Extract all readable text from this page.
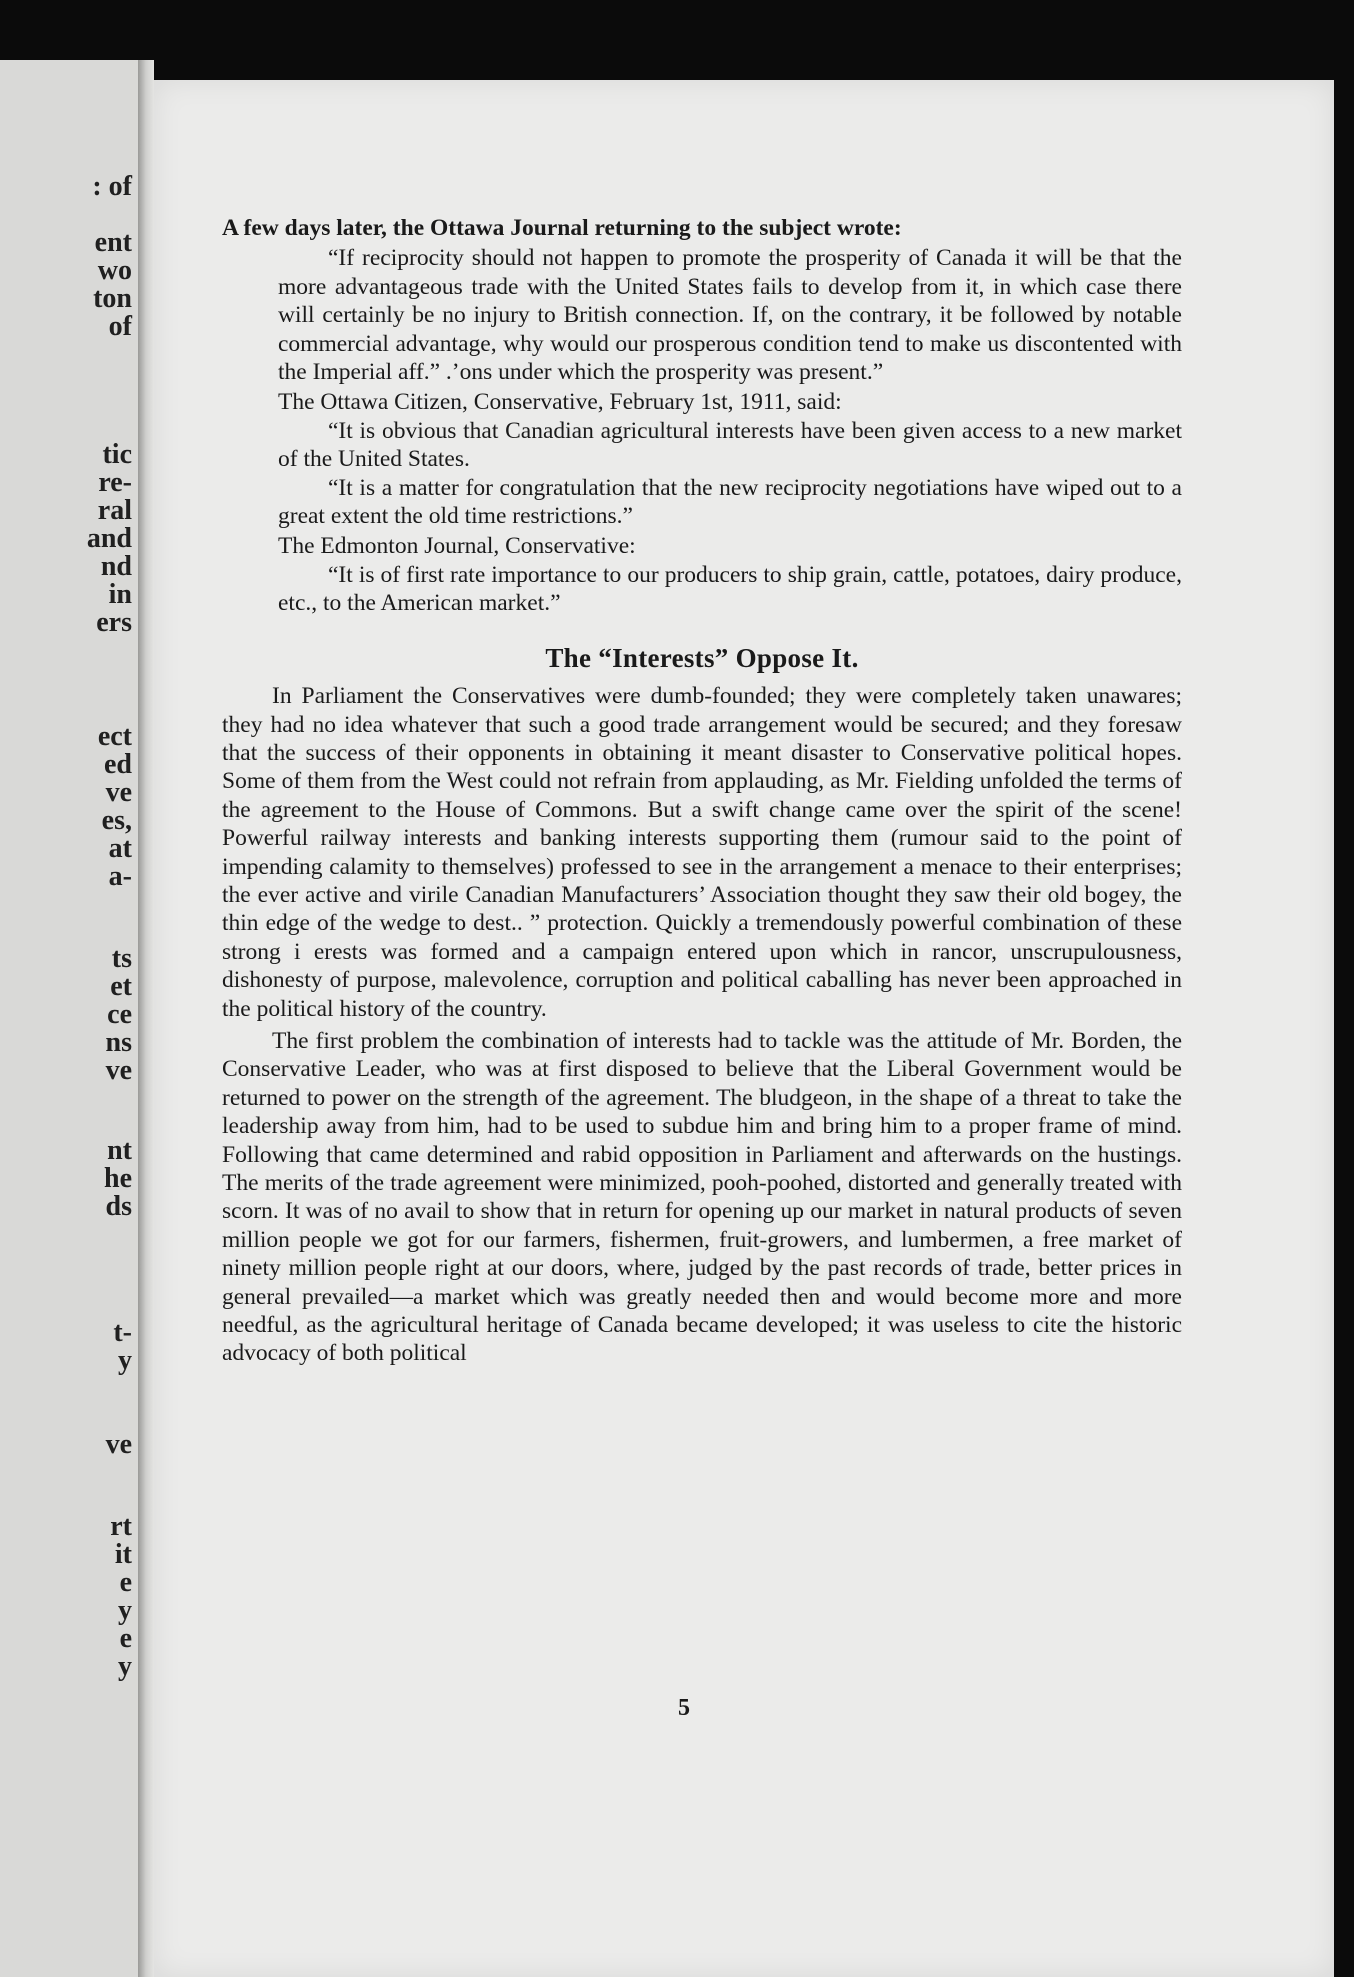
: of
ent
wo
ton
of
tic
re-
ral
and
nd
in
ers
ect
ed
ve
es,
at
a-
ts
et
ce
ns
ve
nt
he
ds
t-
y
ve
rt
it
e
y
e
y

A few days later, the Ottawa Journal returning to the subject wrote:

“If reciprocity should not happen to promote the prosperity of Canada it will be that the more advantageous trade with the United States fails to develop from it, in which case there will certainly be no injury to British connection. If, on the contrary, it be followed by notable commercial advantage, why would our prosperous condition tend to make us discontented with the Imperial aff.” .’ons under which the prosperity was present.”

The Ottawa Citizen, Conservative, February 1st, 1911, said:

“It is obvious that Canadian agricultural interests have been given access to a new market of the United States.

“It is a matter for congratulation that the new reciprocity negotiations have wiped out to a great extent the old time restrictions.”

The Edmonton Journal, Conservative:

“It is of first rate importance to our producers to ship grain, cattle, potatoes, dairy produce, etc., to the American market.”

The “Interests” Oppose It.

In Parliament the Conservatives were dumb-founded; they were completely taken unawares; they had no idea whatever that such a good trade arrangement would be secured; and they foresaw that the success of their opponents in obtaining it meant disaster to Conservative political hopes. Some of them from the West could not refrain from applauding, as Mr. Fielding unfolded the terms of the agreement to the House of Commons. But a swift change came over the spirit of the scene! Powerful railway interests and banking interests supporting them (rumour said to the point of impending calamity to themselves) professed to see in the arrangement a menace to their enterprises; the ever active and virile Canadian Manufacturers’ Association thought they saw their old bogey, the thin edge of the wedge to dest.. ” protection. Quickly a tremendously powerful combination of these strong i erests was formed and a campaign entered upon which in rancor, unscrupulousness, dishonesty of purpose, malevolence, corruption and political caballing has never been approached in the political history of the country.

The first problem the combination of interests had to tackle was the attitude of Mr. Borden, the Conservative Leader, who was at first disposed to believe that the Liberal Government would be returned to power on the strength of the agreement. The bludgeon, in the shape of a threat to take the leadership away from him, had to be used to subdue him and bring him to a proper frame of mind. Following that came determined and rabid opposition in Parliament and afterwards on the hustings. The merits of the trade agreement were minimized, pooh-poohed, distorted and generally treated with scorn. It was of no avail to show that in return for opening up our market in natural products of seven million people we got for our farmers, fishermen, fruit-growers, and lumbermen, a free market of ninety million people right at our doors, where, judged by the past records of trade, better prices in general prevailed—a market which was greatly needed then and would become more and more needful, as the agricultural heritage of Canada became developed; it was useless to cite the historic advocacy of both political

5
